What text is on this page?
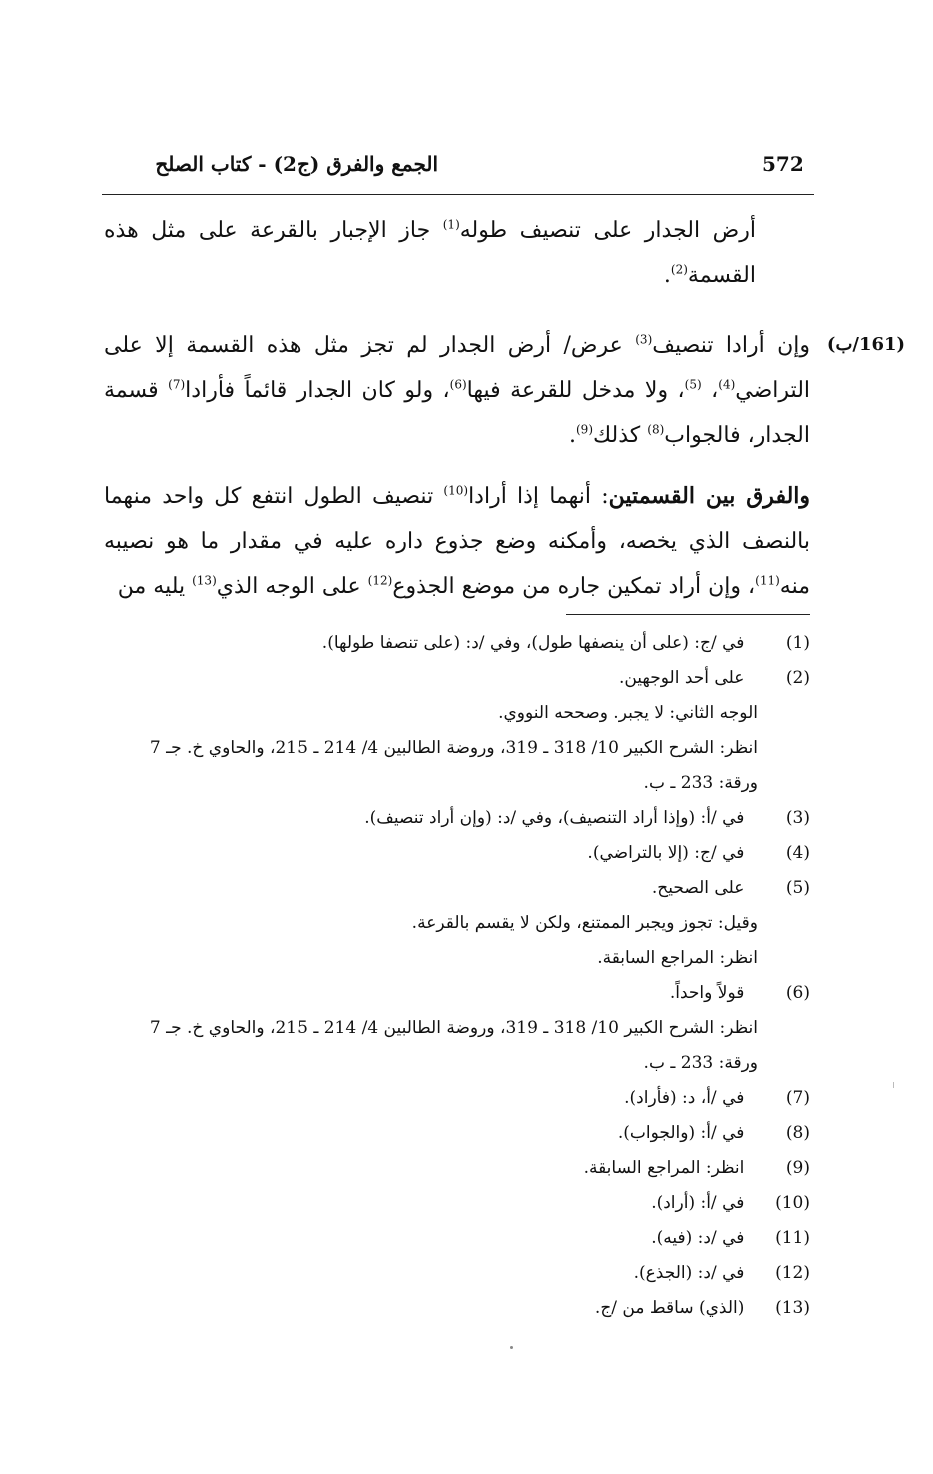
572
الجمع والفرق (ج2) - كتاب الصلح

أرض الجدار على تنصيف طوله$^{(1)}$ جاز الإجبار بالقرعة على مثل هذه القسمة$^{(2)}$.

(161/ب)

وإن أرادا تنصيف$^{(3)}$ عرض/ أرض الجدار لم تجز مثل هذه القسمة إلا على التراضي$^{(4)}$، $^{(5)}$، ولا مدخل للقرعة فيها$^{(6)}$، ولو كان الجدار قائماً فأرادا$^{(7)}$ قسمة الجدار، فالجواب$^{(8)}$ كذلك$^{(9)}$.

والفرق بين القسمتين: أنهما إذا أرادا$^{(10)}$ تنصيف الطول انتفع كل واحد منهما بالنصف الذي يخصه، وأمكنه وضع جذوع داره عليه في مقدار ما هو نصيبه منه$^{(11)}$، وإن أراد تمكين جاره من موضع الجذوع$^{(12)}$ على الوجه الذي$^{(13)}$ يليه من

(1)    في /ج: (على أن ينصفها طول)، وفي /د: (على تنصفا طولها).
(2)    على أحد الوجهين.
الوجه الثاني: لا يجبر. وصححه النووي.
انظر: الشرح الكبير 10/ 318 ـ 319، وروضة الطالبين 4/ 214 ـ 215، والحاوي خ. جـ 7
ورقة: 233 ـ ب.
(3)    في /أ: (وإذا أراد التنصيف)، وفي /د: (وإن أراد تنصيف).
(4)    في /ج: (إلا بالتراضي).
(5)    على الصحيح.
وقيل: تجوز ويجبر الممتنع، ولكن لا يقسم بالقرعة.
انظر: المراجع السابقة.
(6)    قولاً واحداً.
انظر: الشرح الكبير 10/ 318 ـ 319، وروضة الطالبين 4/ 214 ـ 215، والحاوي خ. جـ 7
ورقة: 233 ـ ب.
(7)    في /أ، د: (فأراد).
(8)    في /أ: (والجواب).
(9)    انظر: المراجع السابقة.
(10)    في /أ: (أراد).
(11)    في /د: (فيه).
(12)    في /د: (الجذع).
(13)    (الذي) ساقط من /ج.
